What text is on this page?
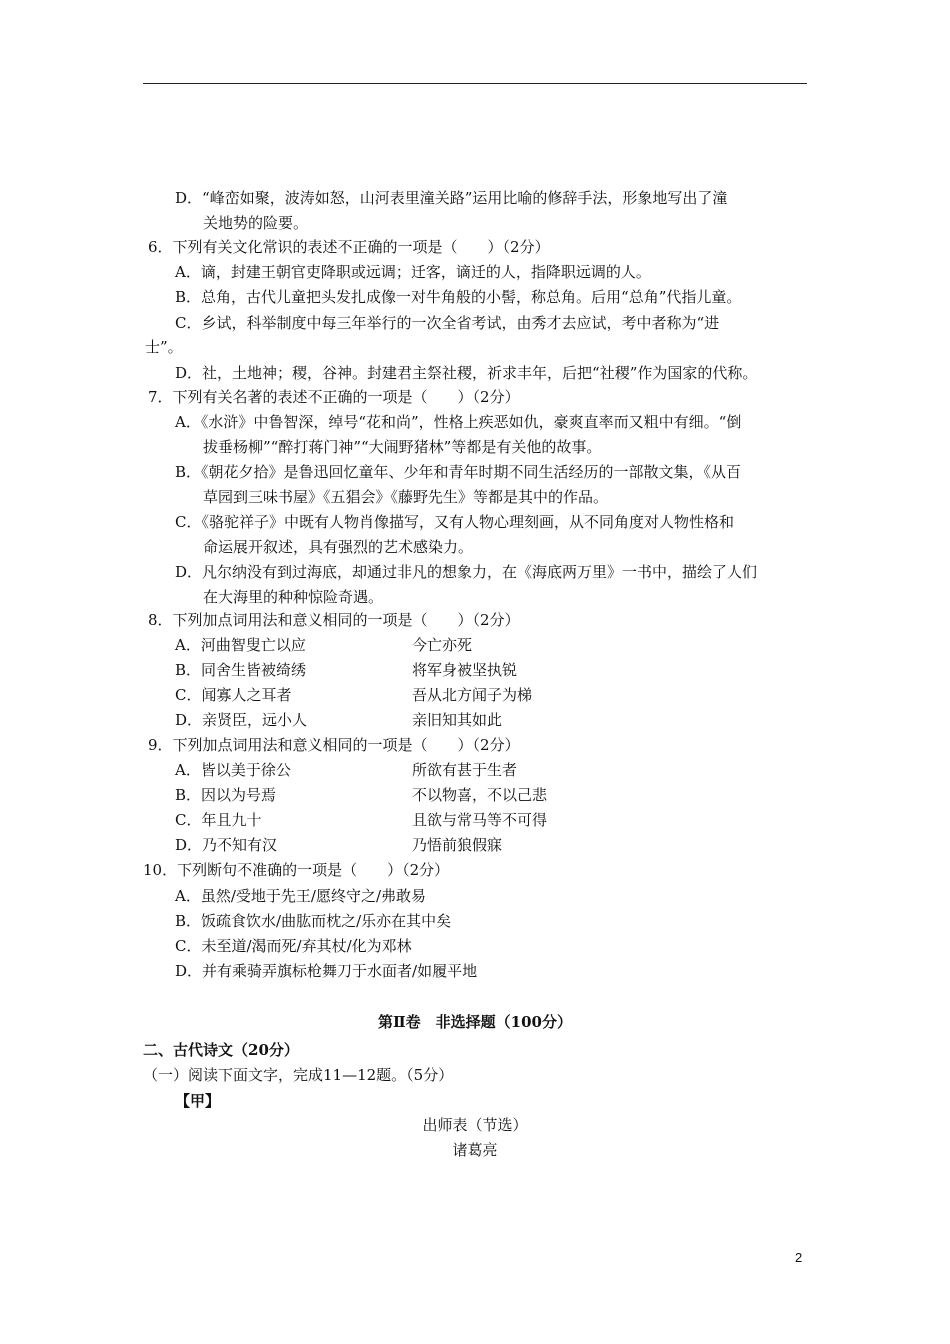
D．“峰峦如聚，波涛如怒，山河表里潼关路”运用比喻的修辞手法，形象地写出了潼
关地势的险要。
6．下列有关文化常识的表述不正确的一项是（　　）（2分）
A．谪，封建王朝官吏降职或远调；迁客，谪迁的人，指降职远调的人。
B．总角，古代儿童把头发扎成像一对牛角般的小髻，称总角。后用“总角”代指儿童。
C．乡试，科举制度中每三年举行的一次全省考试，由秀才去应试，考中者称为“进
士”。
D．社，土地神；稷，谷神。封建君主祭社稷，祈求丰年，后把“社稷”作为国家的代称。
7．下列有关名著的表述不正确的一项是（　　）（2分）
A．《水浒》中鲁智深，绰号“花和尚”，性格上疾恶如仇，豪爽直率而又粗中有细。“倒
拔垂杨柳”“醉打蒋门神”“大闹野猪林”等都是有关他的故事。
B．《朝花夕拾》是鲁迅回忆童年、少年和青年时期不同生活经历的一部散文集，《从百
草园到三味书屋》《五猖会》《藤野先生》等都是其中的作品。
C．《骆驼祥子》中既有人物肖像描写，又有人物心理刻画，从不同角度对人物性格和
命运展开叙述，具有强烈的艺术感染力。
D．凡尔纳没有到过海底，却通过非凡的想象力，在《海底两万里》一书中，描绘了人们
在大海里的种种惊险奇遇。
8．下列加点词用法和意义相同的一项是（　　）（2分）
A．河曲智叟亡以应	今亡亦死
B．同舍生皆被绮绣	将军身被坚执锐
C．闻寡人之耳者	吾从北方闻子为梯
D．亲贤臣，远小人	亲旧知其如此
9．下列加点词用法和意义相同的一项是（　　）（2分）
A．皆以美于徐公	所欲有甚于生者
B．因以为号焉	不以物喜，不以己悲
C．年且九十	且欲与常马等不可得
D．乃不知有汉	乃悟前狼假寐
10．下列断句不准确的一项是（　　）（2分）
A．虽然/受地于先王/愿终守之/弗敢易
B．饭疏食饮水/曲肱而枕之/乐亦在其中矣
C．未至道/渴而死/弃其杖/化为邓林
D．并有乘骑弄旗标枪舞刀于水面者/如履平地
第Ⅱ卷　非选择题（100分）
二、古代诗文（20分）
（一）阅读下面文字，完成11—12题。（5分）
【甲】
出师表（节选）
诸葛亮
2
